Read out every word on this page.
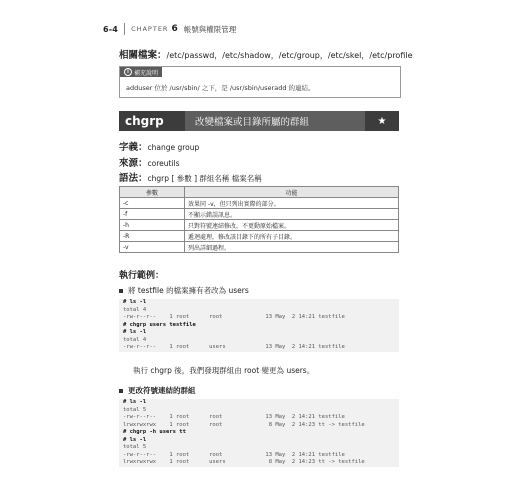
6-4 CHAPTER 6 帳號與權限管理
相關檔案：/etc/passwd，/etc/shadow，/etc/group，/etc/skel，/etc/profile
i 補充說明
adduser 位於 /usr/sbin/ 之下，是 /usr/sbin/useradd 的連結。
chgrp	改變檔案或目錄所屬的群組	★
字義：change group
來源：coreutils
語法：chgrp [ 參數 ] 群組名稱 檔案名稱
參數	功能
-c	效果同 -v，但只列出實際的部分。
-f	不顯示錯誤訊息。
-h	只對符號連結修改，不更動原始檔案。
-R	遞迴處理，修改該目錄下的所有子目錄。
-v	列出詳細過程。
執行範例：
將 testfile 的檔案擁有者改為 users
# ls -l
total 4
-rw-r--r--    1 root      root             13 May  2 14:21 testfile
# chgrp users testfile
# ls -l
total 4
-rw-r--r--    1 root      users            13 May  2 14:21 testfile
執行 chgrp 後，我們發現群組由 root 變更為 users。
更改符號連結的群組
# ls -l
total 5
-rw-r--r--    1 root      root             13 May  2 14:21 testfile
lrwxrwxrwx    1 root      root              8 May  2 14:23 tt -> testfile
# chgrp -h users tt
# ls -l
total 5
-rw-r--r--    1 root      root             13 May  2 14:21 testfile
lrwxrwxrwx    1 root      users             8 May  2 14:23 tt -> testfile
